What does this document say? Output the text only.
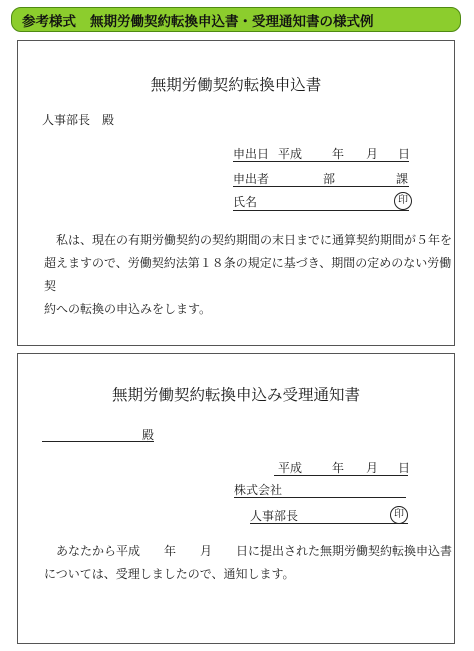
参考様式 無期労働契約転換申込書・受理通知書の様式例
無期労働契約転換申込書
人事部長　殿
申出日 平成 年 月 日
申出者	部	課
氏名	印
　私は、現在の有期労働契約の契約期間の末日までに通算契約期間が５年を
超えますので、労働契約法第１８条の規定に基づき、期間の定めのない労働契
約への転換の申込みをします。
無期労働契約転換申込み受理通知書
殿
平成 年 月 日
株式会社
人事部長	印
　あなたから平成　　年　　月　　日に提出された無期労働契約転換申込書
については、受理しましたので、通知します。
